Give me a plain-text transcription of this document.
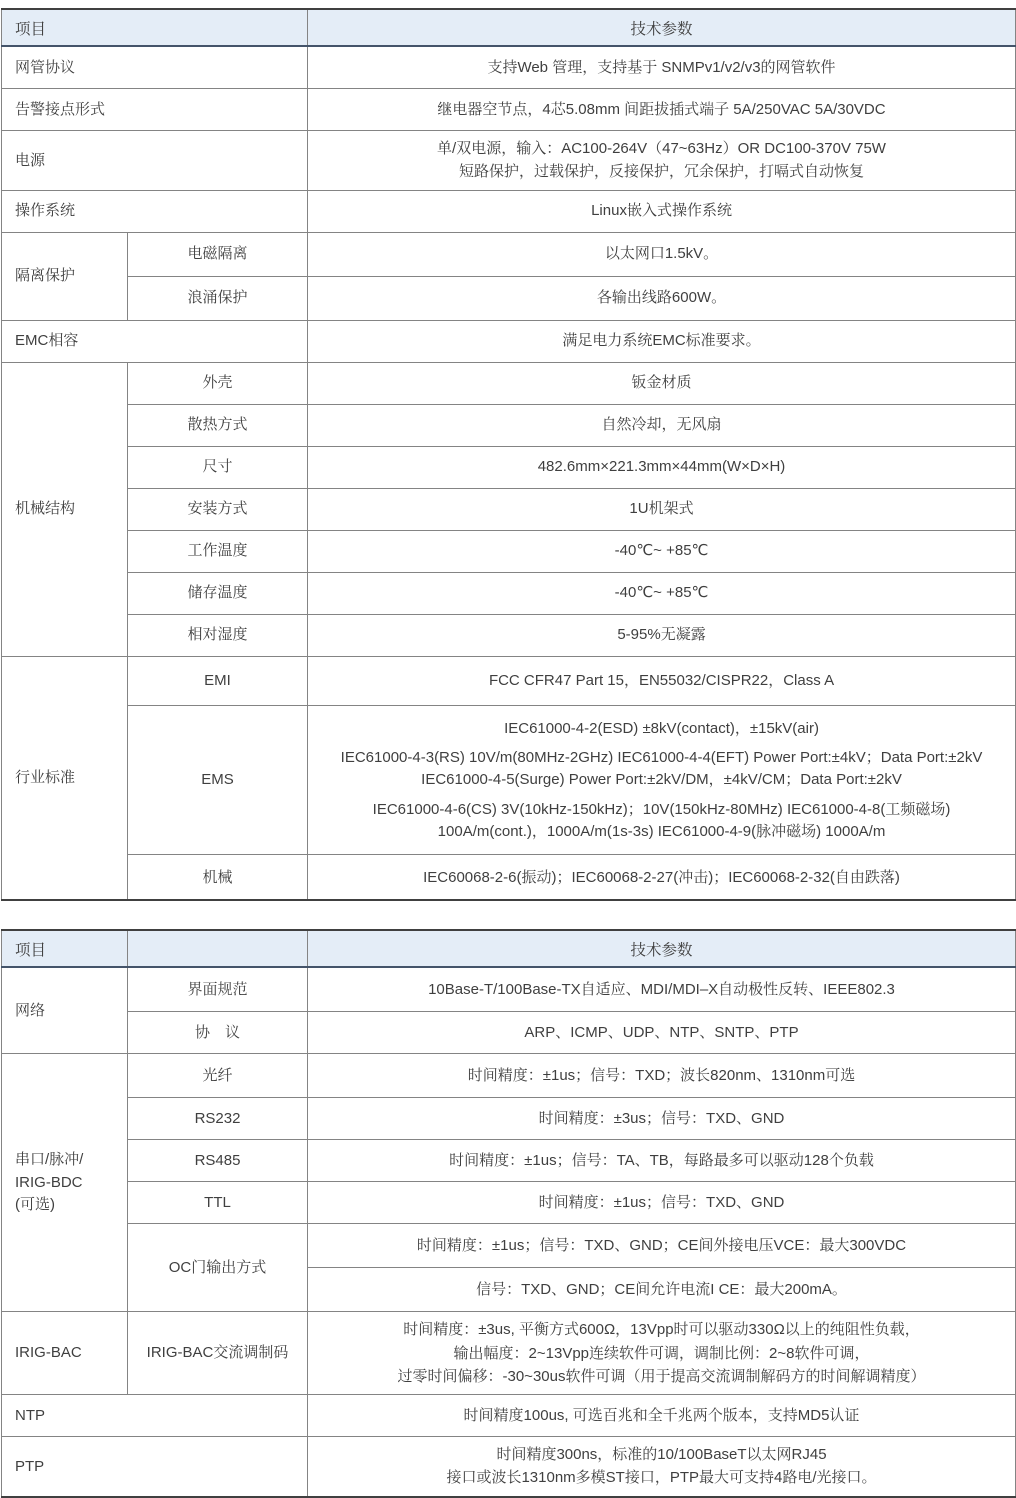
项目		技术参数
网管协议		支持Web 管理，支持基于 SNMPv1/v2/v3的网管软件
告警接点形式		继电器空节点，4芯5.08mm 间距拔插式端子 5A/250VAC 5A/30VDC
电源		单/双电源，输入：AC100-264V（47~63Hz）OR DC100-370V 75W
短路保护，过载保护，反接保护，冗余保护，打嗝式自动恢复

操作系统		Linux嵌入式操作系统
隔离保护	电磁隔离	以太网口1.5kV。
	浪涌保护	各输出线路600W。
EMC相容		满足电力系统EMC标准要求。
机械结构	外壳	钣金材质
	散热方式	自然冷却，无风扇
	尺寸	482.6mm×221.3mm×44mm(W×D×H)
	安装方式	1U机架式
	工作温度	-40℃~ +85℃
	储存温度	-40℃~ +85℃
	相对湿度	5-95%无凝露
行业标准	EMI	FCC CFR47 Part 15，EN55032/CISPR22，Class A
	EMS	IEC61000-4-2(ESD) ±8kV(contact)，±15kV(air)

IEC61000-4-3(RS) 10V/m(80MHz-2GHz) IEC61000-4-4(EFT) Power Port:±4kV；Data Port:±2kV IEC61000-4-5(Surge) Power Port:±2kV/DM，±4kV/CM；Data Port:±2kV

IEC61000-4-6(CS) 3V(10kHz-150kHz)；10V(150kHz-80MHz) IEC61000-4-8(工频磁场) 100A/m(cont.)，1000A/m(1s-3s) IEC61000-4-9(脉冲磁场) 1000A/m

	机械	IEC60068-2-6(振动)；IEC60068-2-27(冲击)；IEC60068-2-32(自由跌落)
项目		技术参数
网络	界面规范	10Base-T/100Base-TX自适应、MDI/MDI–X自动极性反转、IEEE802.3
	协　议	ARP、ICMP、UDP、NTP、SNTP、PTP

串口/脉冲/
IRIG-BDC
(可选)	光纤	时间精度：±1us；信号：TXD；波长820nm、1310nm可选
	RS232	时间精度：±3us；信号：TXD、GND
	RS485	时间精度：±1us；信号：TA、TB，每路最多可以驱动128个负载
	TTL	时间精度：±1us；信号：TXD、GND
	OC门输出方式	时间精度：±1us；信号：TXD、GND；CE间外接电压VCE：最大300VDC
		信号：TXD、GND；CE间允许电流I CE：最大200mA。
IRIG-BAC	IRIG-BAC交流调制码	时间精度：±3us, 平衡方式600Ω，13Vpp时可以驱动330Ω以上的纯阻性负载，
输出幅度：2~13Vpp连续软件可调，调制比例：2~8软件可调，
过零时间偏移：-30~30us软件可调（用于提高交流调制解码方的时间解调精度）

NTP		时间精度100us, 可选百兆和全千兆两个版本，支持MD5认证
PTP		时间精度300ns，标准的10/100BaseT以太网RJ45
接口或波长1310nm多模ST接口，PTP最大可支持4路电/光接口。
